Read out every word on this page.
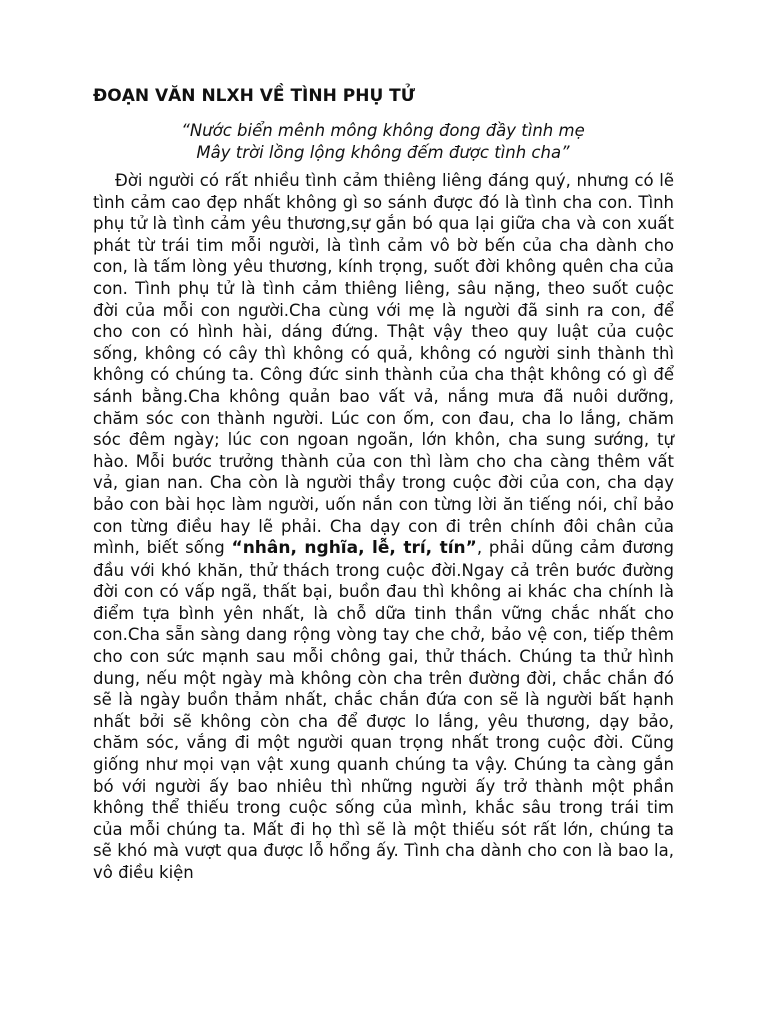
ĐOẠN VĂN NLXH VỀ TÌNH PHỤ TỬ
“Nước biển mênh mông không đong đầy tình mẹ
Mây trời lồng lộng không đếm được tình cha”

Đời người có rất nhiều tình cảm thiêng liêng đáng quý, nhưng có lẽ tình cảm cao đẹp nhất không gì so sánh được đó là tình cha con. Tình phụ tử là tình cảm yêu thương,sự gắn bó qua lại giữa cha và con xuất phát từ trái tim mỗi người, là tình cảm vô bờ bến của cha dành cho con, là tấm lòng yêu thương, kính trọng, suốt đời không quên cha của con. Tình phụ tử là tình cảm thiêng liêng, sâu nặng, theo suốt cuộc đời của mỗi con người.Cha cùng với mẹ là người đã sinh ra con, để cho con có hình hài, dáng đứng. Thật vậy theo quy luật của cuộc sống, không có cây thì không có quả, không có người sinh thành thì không có chúng ta. Công đức sinh thành của cha thật không có gì để sánh bằng.Cha không quản bao vất vả, nắng mưa đã nuôi dưỡng, chăm sóc con thành người. Lúc con ốm, con đau, cha lo lắng, chăm sóc đêm ngày; lúc con ngoan ngoãn, lớn khôn, cha sung sướng, tự hào. Mỗi bước trưởng thành của con thì làm cho cha càng thêm vất vả, gian nan. Cha còn là người thầy trong cuộc đời của con, cha dạy bảo con bài học làm người, uốn nắn con từng lời ăn tiếng nói, chỉ bảo con từng điều hay lẽ phải. Cha dạy con đi trên chính đôi chân của mình, biết sống “nhân, nghĩa, lễ, trí, tín”, phải dũng cảm đương đầu với khó khăn, thử thách trong cuộc đời.Ngay cả trên bước đường đời con có vấp ngã, thất bại, buồn đau thì không ai khác cha chính là điểm tựa bình yên nhất, là chỗ dữa tinh thần vững chắc nhất cho con.Cha sẵn sàng dang rộng vòng tay che chở, bảo vệ con, tiếp thêm cho con sức mạnh sau mỗi chông gai, thử thách. Chúng ta thử hình dung, nếu một ngày mà không còn cha trên đường đời, chắc chắn đó sẽ là ngày buồn thảm nhất, chắc chắn đứa con sẽ là người bất hạnh nhất bởi sẽ không còn cha để được lo lắng, yêu thương, dạy bảo, chăm sóc, vắng đi một người quan trọng nhất trong cuộc đời. Cũng giống như mọi vạn vật xung quanh chúng ta vậy. Chúng ta càng gắn bó với người ấy bao nhiêu thì những người ấy trở thành một phần không thể thiếu trong cuộc sống của mình, khắc sâu trong trái tim của mỗi chúng ta. Mất đi họ thì sẽ là một thiếu sót rất lớn, chúng ta sẽ khó mà vượt qua được lỗ hổng ấy. Tình cha dành cho con là bao la, vô điều kiện
